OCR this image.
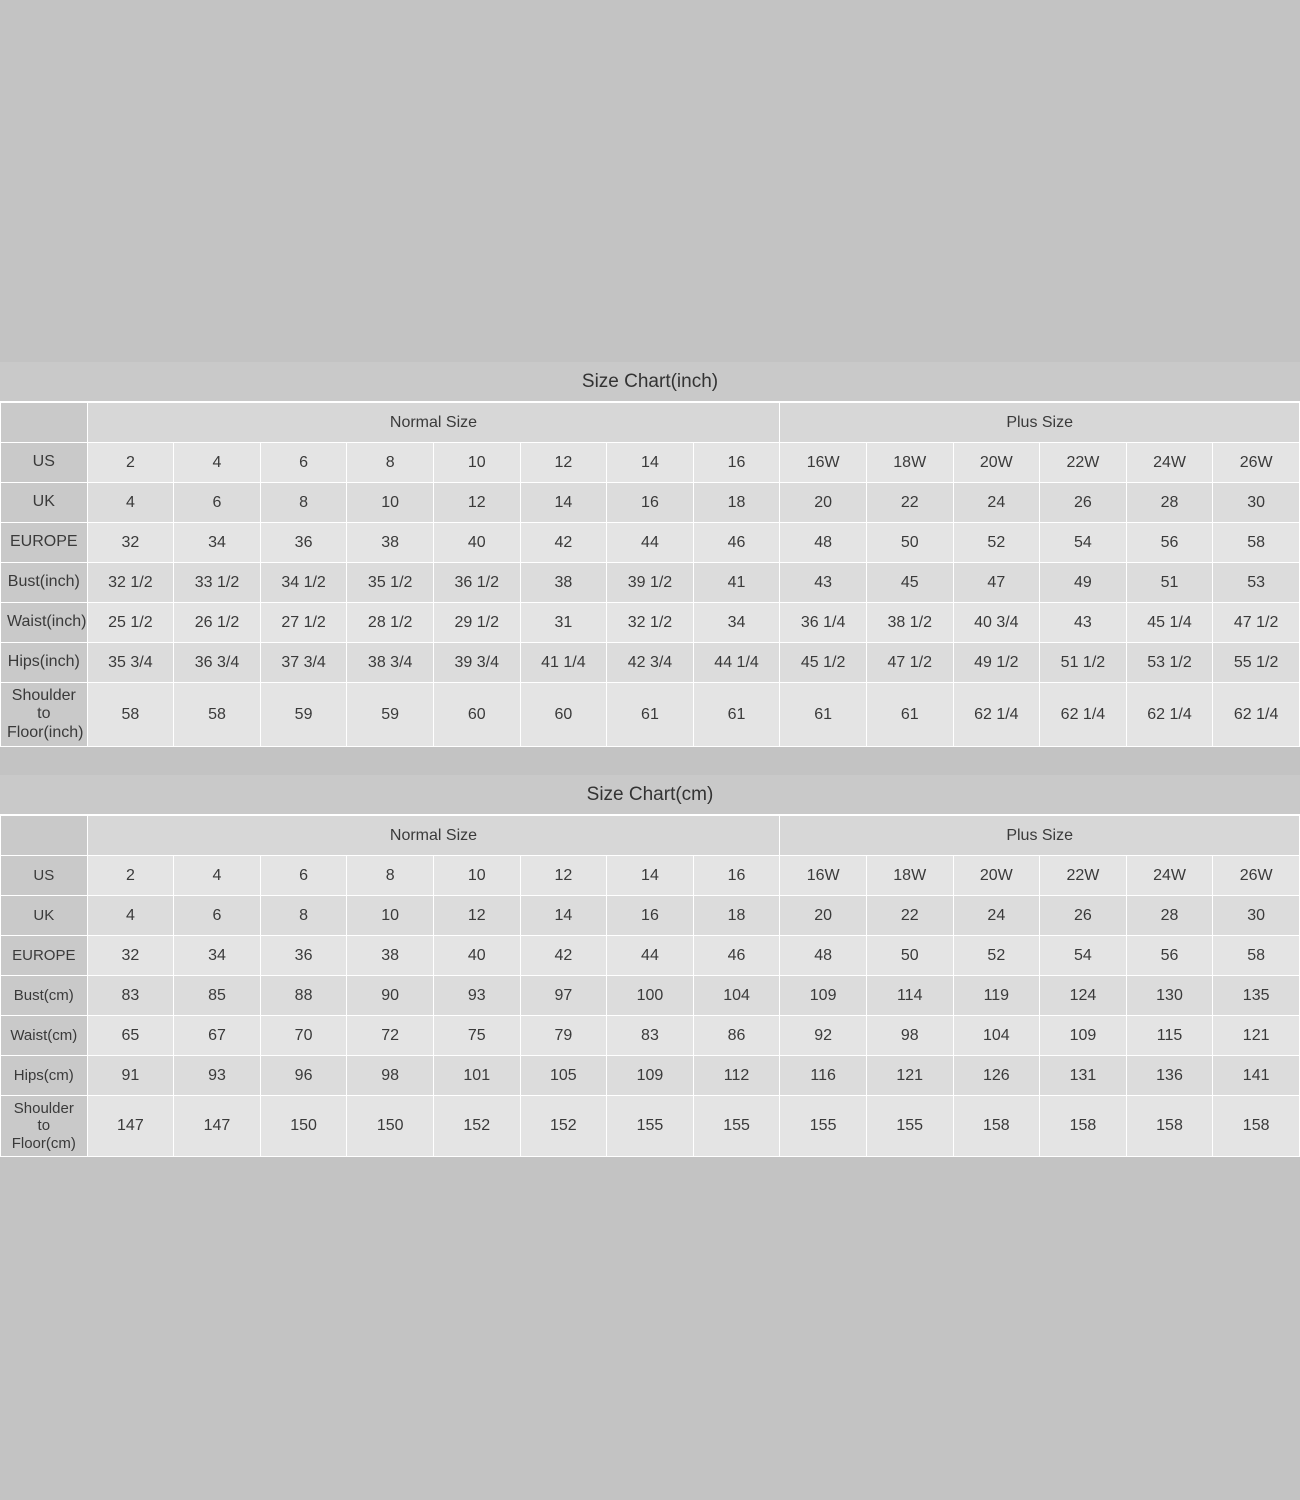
Size Chart(inch)
	Normal Size								Plus Size					
US	2	4	6	8	10	12	14	16	16W	18W	20W	22W	24W	26W
UK	4	6	8	10	12	14	16	18	20	22	24	26	28	30
EUROPE	32	34	36	38	40	42	44	46	48	50	52	54	56	58
Bust(inch)	32 1/2	33 1/2	34 1/2	35 1/2	36 1/2	38	39 1/2	41	43	45	47	49	51	53
Waist(inch)	25 1/2	26 1/2	27 1/2	28 1/2	29 1/2	31	32 1/2	34	36 1/4	38 1/2	40 3/4	43	45 1/4	47 1/2
Hips(inch)	35 3/4	36 3/4	37 3/4	38 3/4	39 3/4	41 1/4	42 3/4	44 1/4	45 1/2	47 1/2	49 1/2	51 1/2	53 1/2	55 1/2
Shoulder to Floor(inch)	58	58	59	59	60	60	61	61	61	61	62 1/4	62 1/4	62 1/4	62 1/4
Size Chart(cm)
	Normal Size								Plus Size					
US	2	4	6	8	10	12	14	16	16W	18W	20W	22W	24W	26W
UK	4	6	8	10	12	14	16	18	20	22	24	26	28	30
EUROPE	32	34	36	38	40	42	44	46	48	50	52	54	56	58
Bust(cm)	83	85	88	90	93	97	100	104	109	114	119	124	130	135
Waist(cm)	65	67	70	72	75	79	83	86	92	98	104	109	115	121
Hips(cm)	91	93	96	98	101	105	109	112	116	121	126	131	136	141
Shoulder to Floor(cm)	147	147	150	150	152	152	155	155	155	155	158	158	158	158
